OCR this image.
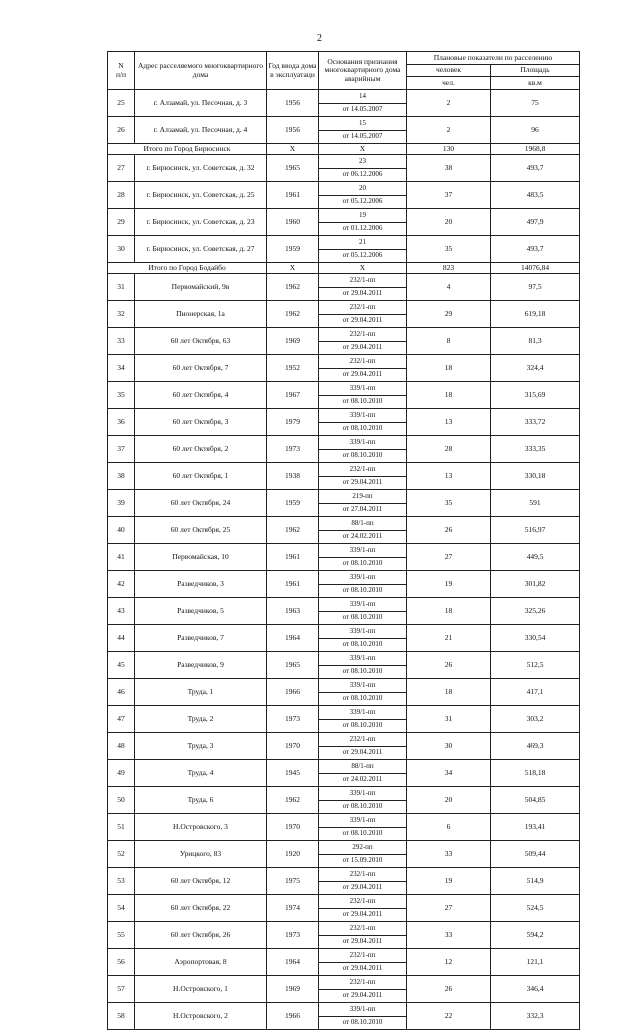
2
N
п/п	Адрес расселяемого многоквартирного дома	Год ввода дома в эксплуатаци	Основания признания многоквартирного дома аварийным	Плановые показатели по расселению	
				человек	Площадь
				чел.	кв.м
25	г. Алзамай, ул. Песочная, д. 3	1956	14	2	75
			от 14.05.2007		
26	г. Алзамай, ул. Песочная, д. 4	1956	15	2	96
			от 14.05.2007		
Итого по Город Бирюсинск		X	X	130	1968,8
27	г. Бирюсинск, ул. Советская, д. 32	1965	23	38	493,7
			от 06.12.2006		
28	г. Бирюсинск, ул. Советская, д. 25	1961	20	37	483,5
			от 05.12.2006		
29	г. Бирюсинск, ул. Советская, д. 23	1960	19	20	497,9
			от 01.12.2006		
30	г. Бирюсинск, ул. Советская, д. 27	1959	21	35	493,7
			от 05.12.2006		
Итого по Город Бодайбо		X	X	823	14076,84
31	Первомайский, 9в	1962	232/1-пп	4	97,5
			от 29.04.2011		
32	Пионерская, 1а	1962	232/1-пп	29	619,18
			от 29.04.2011		
33	60 лет Октября, 63	1969	232/1-пп	8	81,3
			от 29.04.2011		
34	60 лет Октября, 7	1952	232/1-пп	18	324,4
			от 29.04.2011		
35	60 лет Октября, 4	1967	339/1-пп	18	315,69
			от 08.10.2010		
36	60 лет Октября, 3	1979	339/1-пп	13	333,72
			от 08.10.2010		
37	60 лет Октября, 2	1973	339/1-пп	28	333,35
			от 08.10.2010		
38	60 лет Октября, 1	1938	232/1-пп	13	330,18
			от 29.04.2011		
39	60 лет Октября, 24	1959	219-пп	35	591
			от 27.04.2011		
40	60 лет Октября, 25	1962	88/1-пп	26	516,97
			от 24.02.2011		
41	Первомайская, 10	1961	339/1-пп	27	449,5
			от 08.10.2010		
42	Разведчиков, 3	1961	339/1-пп	19	301,82
			от 08.10.2010		
43	Разведчиков, 5	1963	339/1-пп	18	325,26
			от 08.10.2010		
44	Разведчиков, 7	1964	339/1-пп	21	330,54
			от 08.10.2010		
45	Разведчиков, 9	1965	339/1-пп	26	512,5
			от 08.10.2010		
46	Труда, 1	1966	339/1-пп	18	417,1
			от 08.10.2010		
47	Труда, 2	1973	339/1-пп	31	303,2
			от 08.10.2010		
48	Труда, 3	1970	232/1-пп	30	469,3
			от 29.04.2011		
49	Труда, 4	1945	88/1-пп	34	518,18
			от 24.02.2011		
50	Труда, 6	1962	339/1-пп	20	504,85
			от 08.10.2010		
51	Н.Островского, 3	1970	339/1-пп	6	193,41
			от 08.10.2010		
52	Урицкого, 83	1920	292-пп	33	509,44
			от 15.09.2010		
53	60 лет Октября, 12	1975	232/1-пп	19	514,9
			от 29.04.2011		
54	60 лет Октября, 22	1974	232/1-пп	27	524,5
			от 29.04.2011		
55	60 лет Октября, 26	1973	232/1-пп	33	594,2
			от 29.04.2011		
56	Аэропортовая, 8	1964	232/1-пп	12	121,1
			от 29.04.2011		
57	Н.Островского, 1	1969	232/1-пп	26	346,4
			от 29.04.2011		
58	Н.Островского, 2	1966	339/1-пп	22	332,3
			от 08.10.2010		
